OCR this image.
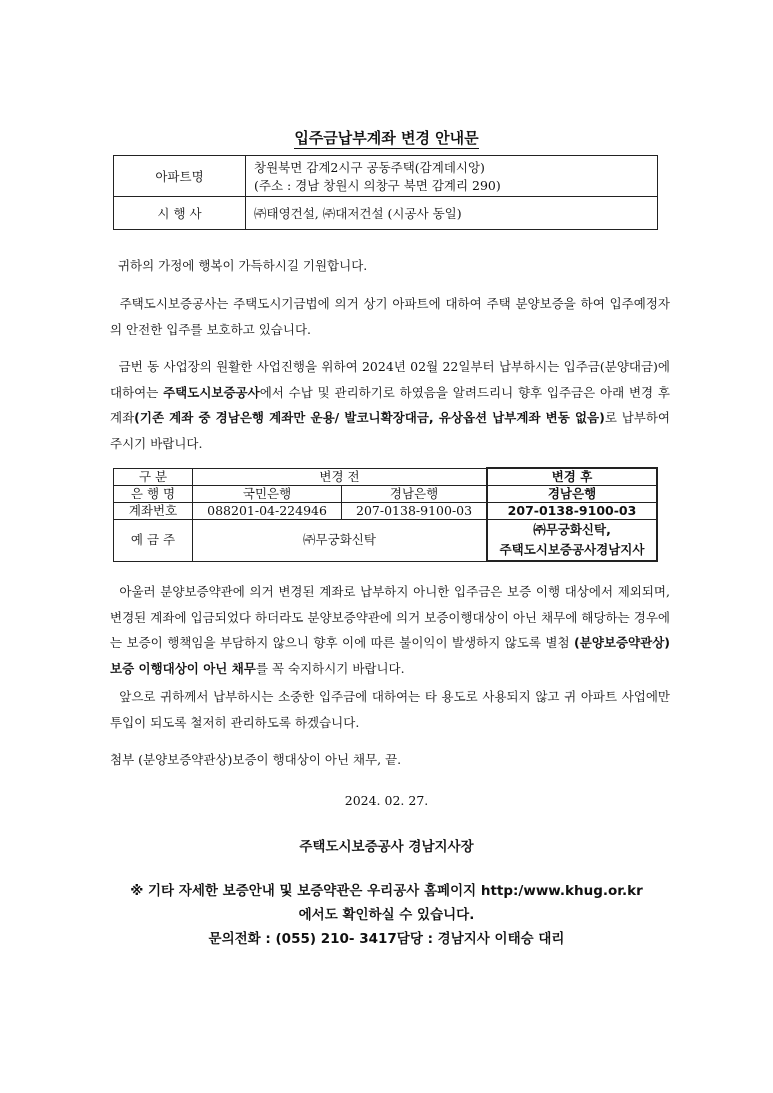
입주금납부계좌 변경 안내문
아파트명	창원북면 감계2시구 공동주택(감계데시앙)
(주소 : 경남 창원시 의창구 북면 감계리 290)

시 행 사	㈜태영건설, ㈜대저건설 (시공사 동일)
귀하의 가정에 행복이 가득하시길 기원합니다.
주택도시보증공사는 주택도시기금법에 의거 상기 아파트에 대하여 주택 분양보증을 하여 입주예정자의 안전한 입주를 보호하고 있습니다.
금번 동 사업장의 원활한 사업진행을 위하여 2024년 02월 22일부터 납부하시는 입주금(분양대금)에 대하여는 주택도시보증공사에서 수납 및 관리하기로 하였음을 알려드리니 향후 입주금은 아래 변경 후 계좌(기존 계좌 중 경남은행 계좌만 운용/ 발코니확장대금, 유상옵션 납부계좌 변동 없음)로 납부하여 주시기 바랍니다.
구 분	변경 전		변경 후
은 행 명	국민은행	경남은행	경남은행
계좌번호	088201-04-224946	207-0138-9100-03	207-0138-9100-03
예 금 주	㈜무궁화신탁		㈜무궁화신탁,
주택도시보증공사경남지사
아울러 분양보증약관에 의거 변경된 계좌로 납부하지 아니한 입주금은 보증 이행 대상에서 제외되며, 변경된 계좌에 입금되었다 하더라도 분양보증약관에 의거 보증이행대상이 아닌 채무에 해당하는 경우에는 보증이 행책임을 부담하지 않으니 향후 이에 따른 불이익이 발생하지 않도록 별첨 (분양보증약관상)보증 이행대상이 아닌 채무를 꼭 숙지하시기 바랍니다.
앞으로 귀하께서 납부하시는 소중한 입주금에 대하여는 타 용도로 사용되지 않고 귀 아파트 사업에만 투입이 되도록 철저히 관리하도록 하겠습니다.
첨부 (분양보증약관상)보증이 행대상이 아닌 채무, 끝.
2024. 02. 27.
주택도시보증공사 경남지사장
※ 기타 자세한 보증안내 및 보증약관은 우리공사 홈페이지 http:/www.khug.or.kr
에서도 확인하실 수 있습니다.
문의전화 : (055) 210- 3417담당 : 경남지사 이태승 대리
